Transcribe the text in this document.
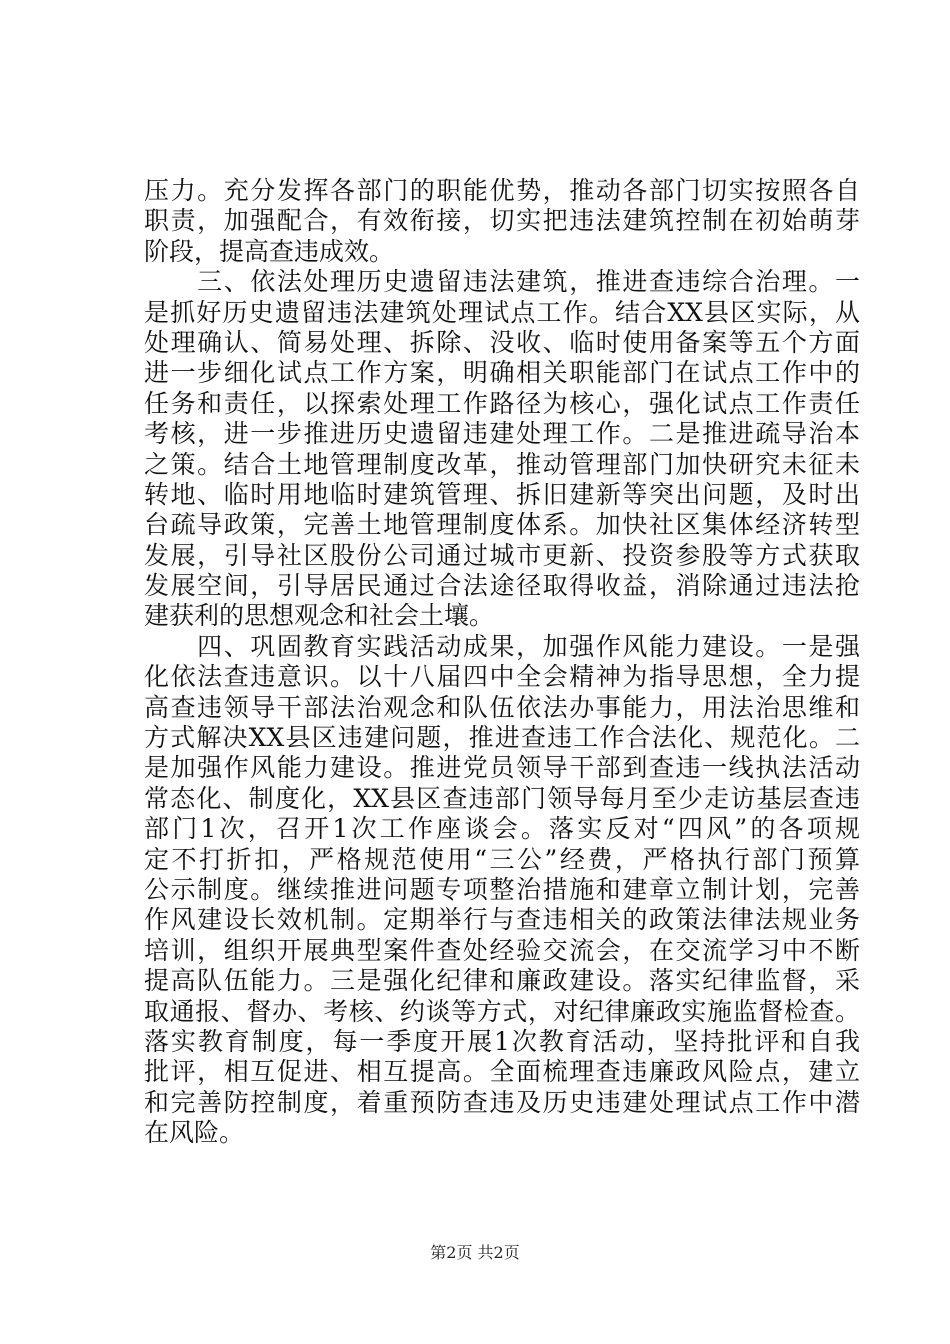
压力。充分发挥各部门的职能优势，推动各部门切实按照各自
职责，加强配合，有效衔接，切实把违法建筑控制在初始萌芽
阶段，提高查违成效。
　　三、依法处理历史遗留违法建筑，推进查违综合治理。一
是抓好历史遗留违法建筑处理试点工作。结合XX县区实际，从
处理确认、简易处理、拆除、没收、临时使用备案等五个方面
进一步细化试点工作方案，明确相关职能部门在试点工作中的
任务和责任，以探索处理工作路径为核心，强化试点工作责任
考核，进一步推进历史遗留违建处理工作。二是推进疏导治本
之策。结合土地管理制度改革，推动管理部门加快研究未征未
转地、临时用地临时建筑管理、拆旧建新等突出问题，及时出
台疏导政策，完善土地管理制度体系。加快社区集体经济转型
发展，引导社区股份公司通过城市更新、投资参股等方式获取
发展空间，引导居民通过合法途径取得收益，消除通过违法抢
建获利的思想观念和社会土壤。
　　四、巩固教育实践活动成果，加强作风能力建设。一是强
化依法查违意识。以十八届四中全会精神为指导思想，全力提
高查违领导干部法治观念和队伍依法办事能力，用法治思维和
方式解决XX县区违建问题，推进查违工作合法化、规范化。二
是加强作风能力建设。推进党员领导干部到查违一线执法活动
常态化、制度化，XX县区查违部门领导每月至少走访基层查违
部门1次，召开1次工作座谈会。落实反对“四风”的各项规
定不打折扣，严格规范使用“三公”经费，严格执行部门预算
公示制度。继续推进问题专项整治措施和建章立制计划，完善
作风建设长效机制。定期举行与查违相关的政策法律法规业务
培训，组织开展典型案件查处经验交流会，在交流学习中不断
提高队伍能力。三是强化纪律和廉政建设。落实纪律监督，采
取通报、督办、考核、约谈等方式，对纪律廉政实施监督检查。
落实教育制度，每一季度开展1次教育活动，坚持批评和自我
批评，相互促进、相互提高。全面梳理查违廉政风险点，建立
和完善防控制度，着重预防查违及历史违建处理试点工作中潜
在风险。
第2页 共2页
